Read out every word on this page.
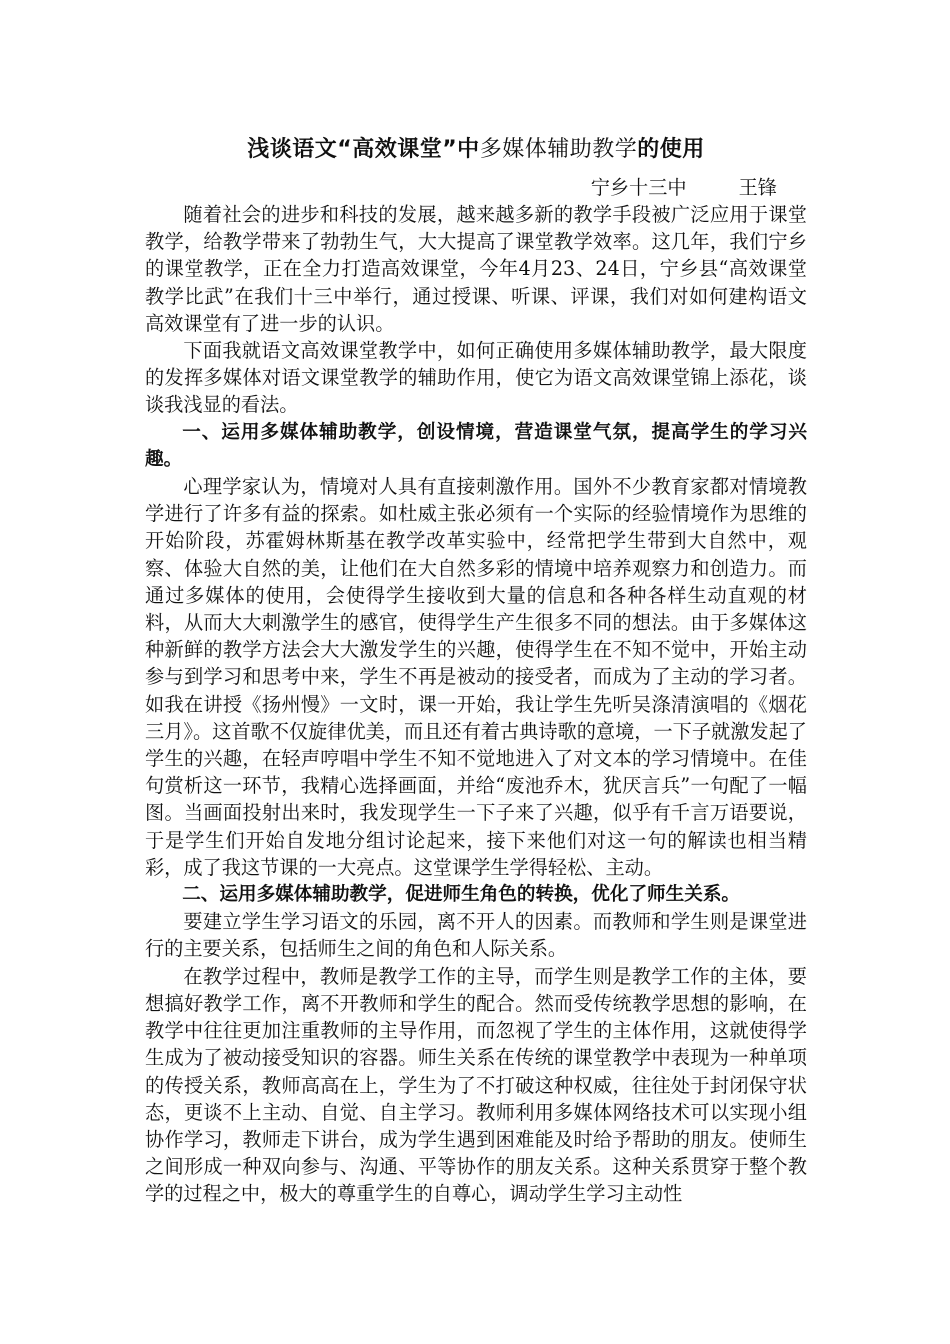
浅谈语文“高效课堂”中多媒体辅助教学的使用
宁乡十三中	王锋

随着社会的进步和科技的发展，越来越多新的教学手段被广泛应用于课堂教学，给教学带来了勃勃生气，大大提高了课堂教学效率。这几年，我们宁乡的课堂教学，正在全力打造高效课堂，今年4月23、24日，宁乡县“高效课堂教学比武”在我们十三中举行，通过授课、听课、评课，我们对如何建构语文高效课堂有了进一步的认识。

下面我就语文高效课堂教学中，如何正确使用多媒体辅助教学，最大限度的发挥多媒体对语文课堂教学的辅助作用，使它为语文高效课堂锦上添花，谈谈我浅显的看法。

一、运用多媒体辅助教学，创设情境，营造课堂气氛，提高学生的学习兴趣。

心理学家认为，情境对人具有直接刺激作用。国外不少教育家都对情境教学进行了许多有益的探索。如杜威主张必须有一个实际的经验情境作为思维的开始阶段，苏霍姆林斯基在教学改革实验中，经常把学生带到大自然中，观察、体验大自然的美，让他们在大自然多彩的情境中培养观察力和创造力。而通过多媒体的使用，会使得学生接收到大量的信息和各种各样生动直观的材料，从而大大刺激学生的感官，使得学生产生很多不同的想法。由于多媒体这种新鲜的教学方法会大大激发学生的兴趣，使得学生在不知不觉中，开始主动参与到学习和思考中来，学生不再是被动的接受者，而成为了主动的学习者。如我在讲授《扬州慢》一文时，课一开始，我让学生先听吴涤清演唱的《烟花三月》。这首歌不仅旋律优美，而且还有着古典诗歌的意境，一下子就激发起了学生的兴趣，在轻声哼唱中学生不知不觉地进入了对文本的学习情境中。在佳句赏析这一环节，我精心选择画面，并给“废池乔木，犹厌言兵”一句配了一幅图。当画面投射出来时，我发现学生一下子来了兴趣，似乎有千言万语要说，于是学生们开始自发地分组讨论起来，接下来他们对这一句的解读也相当精彩，成了我这节课的一大亮点。这堂课学生学得轻松、主动。

二、运用多媒体辅助教学，促进师生角色的转换，优化了师生关系。

要建立学生学习语文的乐园，离不开人的因素。而教师和学生则是课堂进行的主要关系，包括师生之间的角色和人际关系。

在教学过程中，教师是教学工作的主导，而学生则是教学工作的主体，要想搞好教学工作，离不开教师和学生的配合。然而受传统教学思想的影响，在教学中往往更加注重教师的主导作用，而忽视了学生的主体作用，这就使得学生成为了被动接受知识的容器。师生关系在传统的课堂教学中表现为一种单项的传授关系，教师高高在上，学生为了不打破这种权威，往往处于封闭保守状态，更谈不上主动、自觉、自主学习。教师利用多媒体网络技术可以实现小组协作学习，教师走下讲台，成为学生遇到困难能及时给予帮助的朋友。使师生之间形成一种双向参与、沟通、平等协作的朋友关系。这种关系贯穿于整个教学的过程之中，极大的尊重学生的自尊心，调动学生学习主动性
